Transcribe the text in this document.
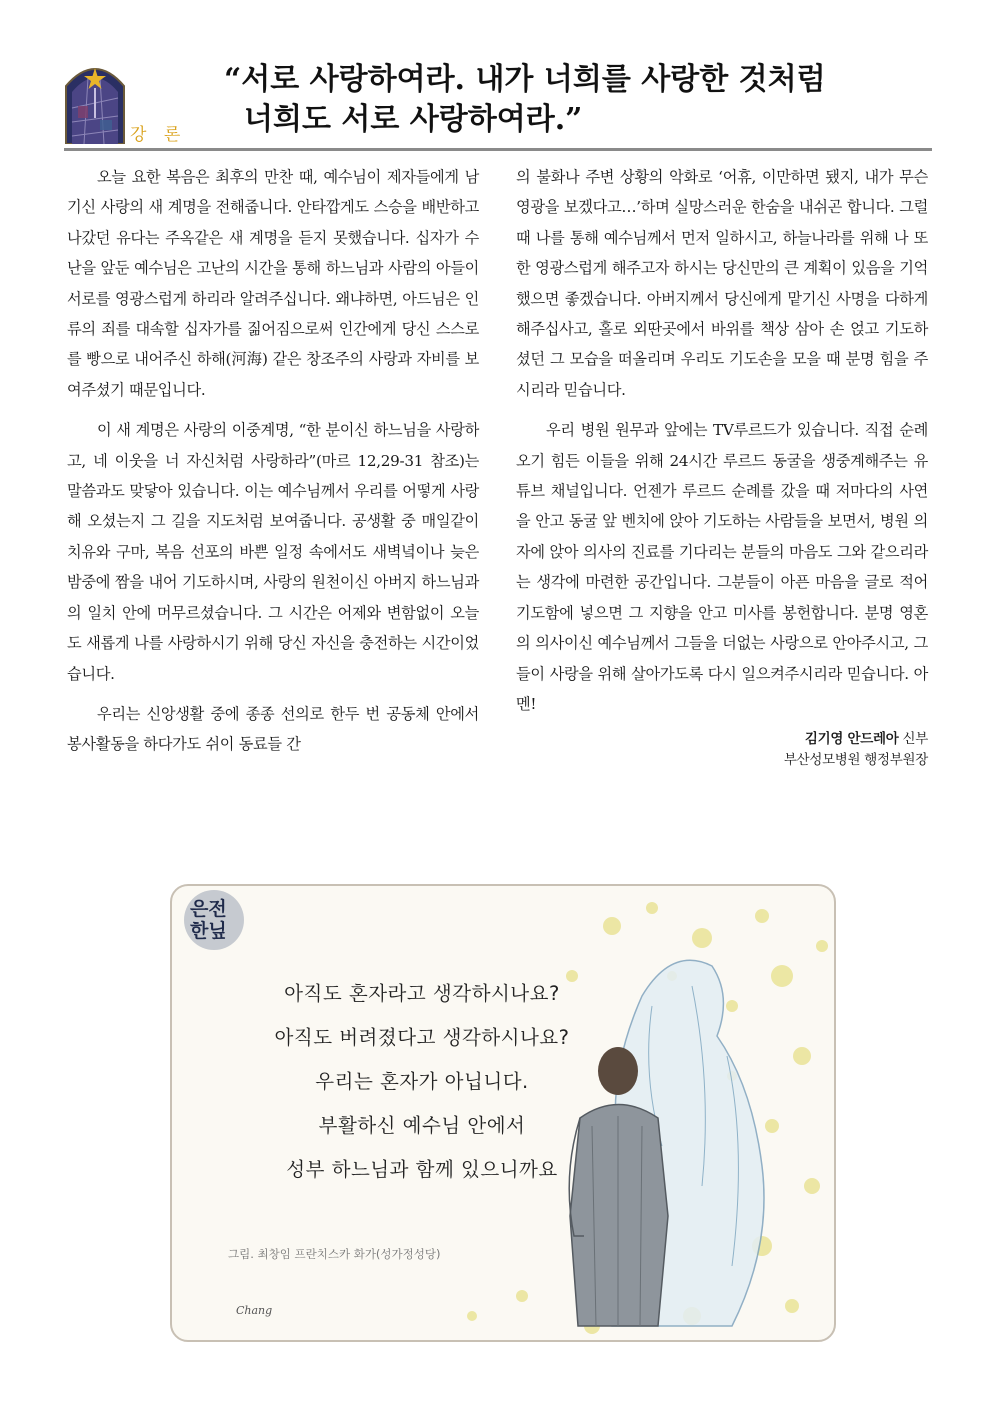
강 론
“서로 사랑하여라. 내가 너희를 사랑한 것처럼
너희도 서로 사랑하여라.”

오늘 요한 복음은 최후의 만찬 때, 예수님이 제자들에게 남기신 사랑의 새 계명을 전해줍니다. 안타깝게도 스승을 배반하고 나갔던 유다는 주옥같은 새 계명을 듣지 못했습니다. 십자가 수난을 앞둔 예수님은 고난의 시간을 통해 하느님과 사람의 아들이 서로를 영광스럽게 하리라 알려주십니다. 왜냐하면, 아드님은 인류의 죄를 대속할 십자가를 짊어짐으로써 인간에게 당신 스스로를 빵으로 내어주신 하해(河海) 같은 창조주의 사랑과 자비를 보여주셨기 때문입니다.

이 새 계명은 사랑의 이중계명, “한 분이신 하느님을 사랑하고, 네 이웃을 너 자신처럼 사랑하라”(마르 12,29-31 참조)는 말씀과도 맞닿아 있습니다. 이는 예수님께서 우리를 어떻게 사랑해 오셨는지 그 길을 지도처럼 보여줍니다. 공생활 중 매일같이 치유와 구마, 복음 선포의 바쁜 일정 속에서도 새벽녘이나 늦은 밤중에 짬을 내어 기도하시며, 사랑의 원천이신 아버지 하느님과의 일치 안에 머무르셨습니다. 그 시간은 어제와 변함없이 오늘도 새롭게 나를 사랑하시기 위해 당신 자신을 충전하는 시간이었습니다.

우리는 신앙생활 중에 종종 선의로 한두 번 공동체 안에서 봉사활동을 하다가도 쉬이 동료들 간

의 불화나 주변 상황의 악화로 ‘어휴, 이만하면 됐지, 내가 무슨 영광을 보겠다고…’하며 실망스러운 한숨을 내쉬곤 합니다. 그럴 때 나를 통해 예수님께서 먼저 일하시고, 하늘나라를 위해 나 또한 영광스럽게 해주고자 하시는 당신만의 큰 계획이 있음을 기억했으면 좋겠습니다. 아버지께서 당신에게 맡기신 사명을 다하게 해주십사고, 홀로 외딴곳에서 바위를 책상 삼아 손 얹고 기도하셨던 그 모습을 떠올리며 우리도 기도손을 모을 때 분명 힘을 주시리라 믿습니다.

우리 병원 원무과 앞에는 TV루르드가 있습니다. 직접 순례 오기 힘든 이들을 위해 24시간 루르드 동굴을 생중계해주는 유튜브 채널입니다. 언젠가 루르드 순례를 갔을 때 저마다의 사연을 안고 동굴 앞 벤치에 앉아 기도하는 사람들을 보면서, 병원 의자에 앉아 의사의 진료를 기다리는 분들의 마음도 그와 같으리라는 생각에 마련한 공간입니다. 그분들이 아픈 마음을 글로 적어 기도함에 넣으면 그 지향을 안고 미사를 봉헌합니다. 분명 영혼의 의사이신 예수님께서 그들을 더없는 사랑으로 안아주시고, 그들이 사랑을 위해 살아가도록 다시 일으켜주시리라 믿습니다. 아멘!

김기영 안드레아 신부
부산성모병원 행정부원장
은전
한닢
아직도 혼자라고 생각하시나요?
아직도 버려졌다고 생각하시나요?
우리는 혼자가 아닙니다.
부활하신 예수님 안에서
성부 하느님과 함께 있으니까요
그림. 최창임 프란치스카 화가(성가정성당)
Chang
